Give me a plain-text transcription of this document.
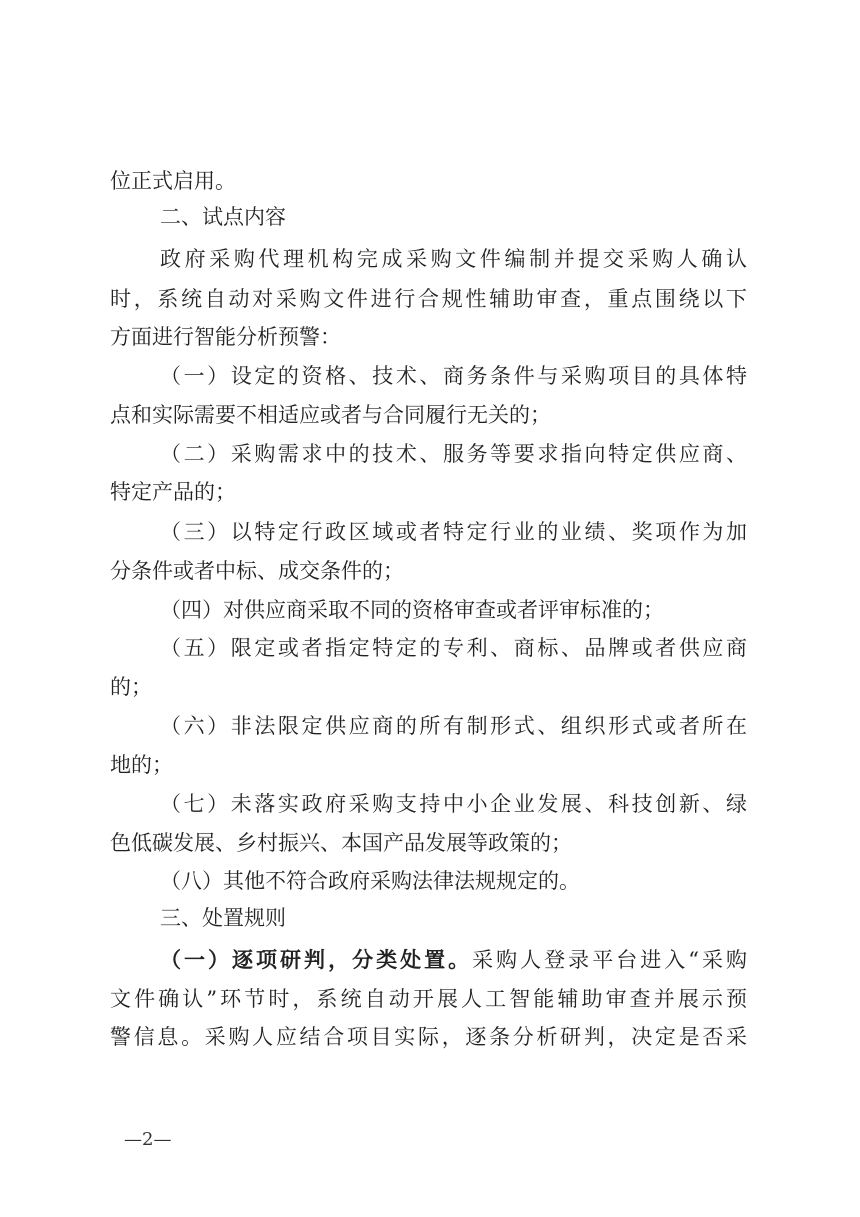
位正式启用。
二、试点内容
政府采购代理机构完成采购文件编制并提交采购人确认
时，系统自动对采购文件进行合规性辅助审查，重点围绕以下
方面进行智能分析预警：
（一）设定的资格、技术、商务条件与采购项目的具体特
点和实际需要不相适应或者与合同履行无关的；
（二）采购需求中的技术、服务等要求指向特定供应商、
特定产品的；
（三）以特定行政区域或者特定行业的业绩、奖项作为加
分条件或者中标、成交条件的；
（四）对供应商采取不同的资格审查或者评审标准的；
（五）限定或者指定特定的专利、商标、品牌或者供应商
的；
（六）非法限定供应商的所有制形式、组织形式或者所在
地的；
（七）未落实政府采购支持中小企业发展、科技创新、绿
色低碳发展、乡村振兴、本国产品发展等政策的；
（八）其他不符合政府采购法律法规规定的。
三、处置规则
（一）逐项研判，分类处置。采购人登录平台进入“采购
文件确认”环节时，系统自动开展人工智能辅助审查并展示预
警信息。采购人应结合项目实际，逐条分析研判，决定是否采
—2—
